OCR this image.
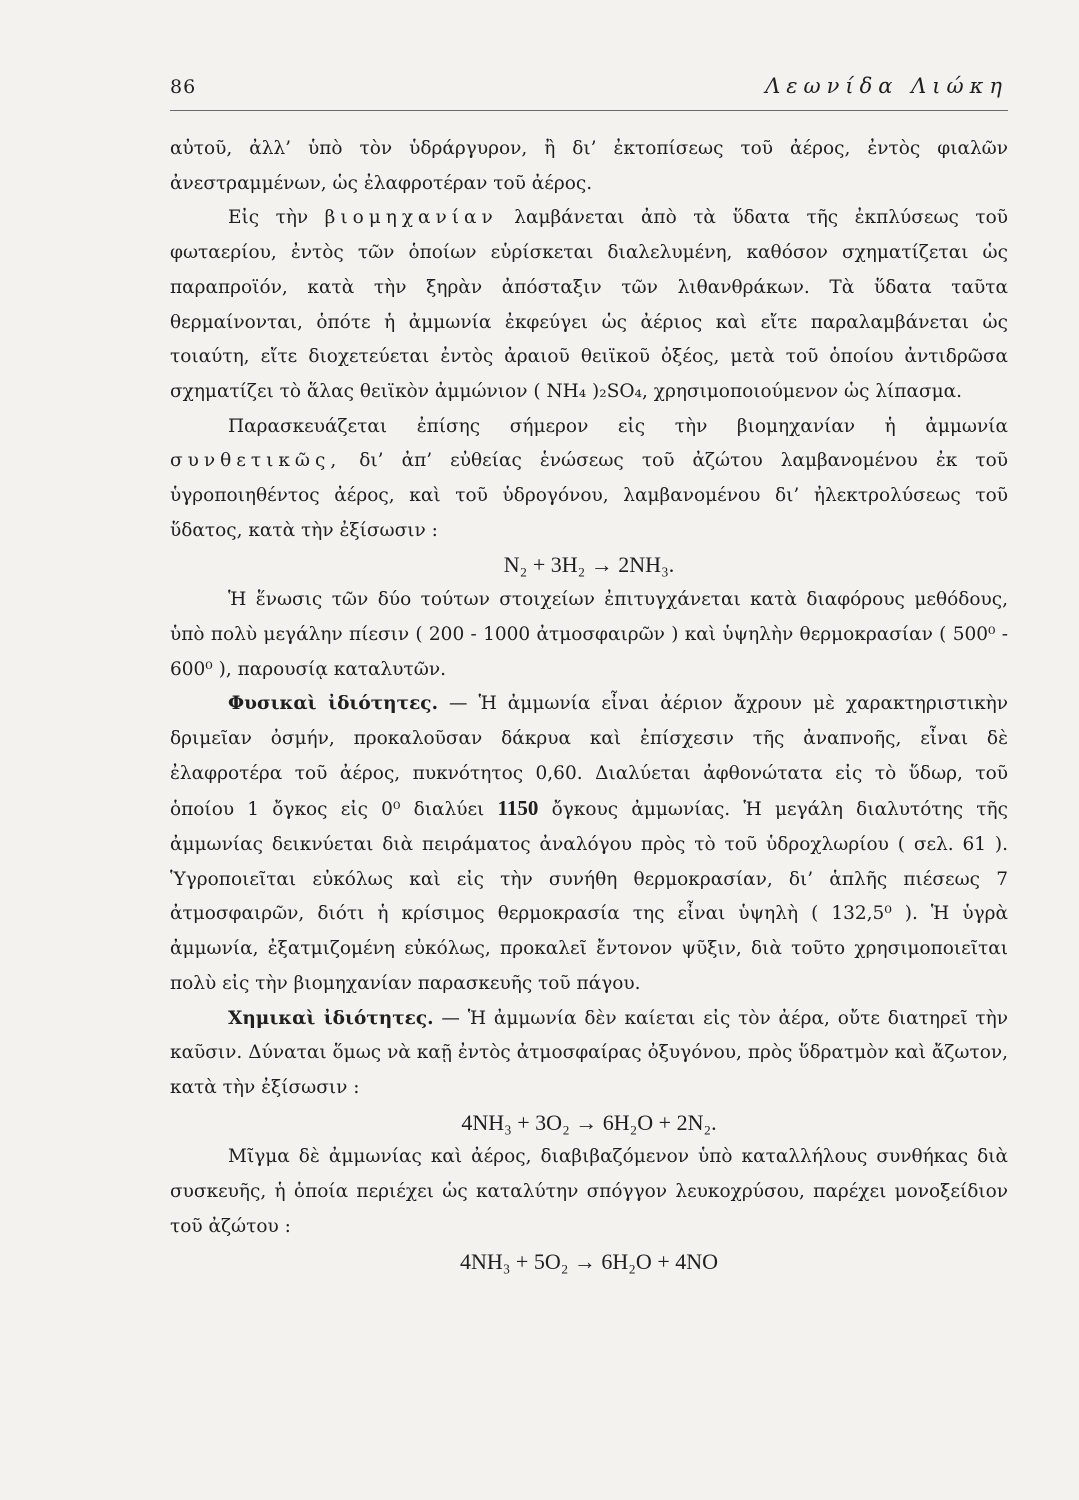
86	Λεωνίδα Λιώκη

αὐτοῦ, ἀλλ’ ὑπὸ τὸν ὑδράργυρον, ἢ δι’ ἐκτοπίσεως τοῦ ἀέρος, ἐντὸς φιαλῶν ἀνεστραμμένων, ὡς ἐλαφροτέραν τοῦ ἀέρος.

Εἰς τὴν βιομηχανίαν λαμβάνεται ἀπὸ τὰ ὕδατα τῆς ἐκπλύσεως τοῦ φωταερίου, ἐντὸς τῶν ὁποίων εὑρίσκεται διαλελυμένη, καθόσον σχηματίζεται ὡς παραπροϊόν, κατὰ τὴν ξηρὰν ἀπόσταξιν τῶν λιθανθράκων. Τὰ ὕδατα ταῦτα θερμαίνονται, ὁπότε ἡ ἀμμωνία ἐκφεύγει ὡς ἀέριος καὶ εἴτε παραλαμβάνεται ὡς τοιαύτη, εἴτε διοχετεύεται ἐντὸς ἀραιοῦ θειϊκοῦ ὀξέος, μετὰ τοῦ ὁποίου ἀντιδρῶσα σχηματίζει τὸ ἅλας θειϊκὸν ἀμμώνιον ( NH₄ )₂SO₄, χρησιμοποιούμενον ὡς λίπασμα.

Παρασκευάζεται ἐπίσης σήμερον εἰς τὴν βιομηχανίαν ἡ ἀμμωνία συνθετικῶς, δι’ ἀπ’ εὐθείας ἑνώσεως τοῦ ἀζώτου λαμβανομένου ἐκ τοῦ ὑγροποιηθέντος ἀέρος, καὶ τοῦ ὑδρογόνου, λαμβανομένου δι’ ἠλεκτρολύσεως τοῦ ὕδατος, κατὰ τὴν ἐξίσωσιν :

N₂ + 3H₂ → 2NH₃.

Ἡ ἕνωσις τῶν δύο τούτων στοιχείων ἐπιτυγχάνεται κατὰ διαφόρους μεθόδους, ὑπὸ πολὺ μεγάλην πίεσιν ( 200 - 1000 ἀτμοσφαιρῶν ) καὶ ὑψηλὴν θερμοκρασίαν ( 500⁰ - 600⁰ ), παρουσίᾳ καταλυτῶν.

Φυσικαὶ ἰδιότητες. — Ἡ ἀμμωνία εἶναι ἀέριον ἄχρουν μὲ χαρακτηριστικὴν δριμεῖαν ὀσμήν, προκαλοῦσαν δάκρυα καὶ ἐπίσχεσιν τῆς ἀναπνοῆς, εἶναι δὲ ἐλαφροτέρα τοῦ ἀέρος, πυκνότητος 0,60. Διαλύεται ἀφθονώτατα εἰς τὸ ὕδωρ, τοῦ ὁποίου 1 ὄγκος εἰς 0⁰ διαλύει 1150 ὄγκους ἀμμωνίας. Ἡ μεγάλη διαλυτότης τῆς ἀμμωνίας δεικνύεται διὰ πειράματος ἀναλόγου πρὸς τὸ τοῦ ὑδροχλωρίου ( σελ. 61 ). Ὑγροποιεῖται εὐκόλως καὶ εἰς τὴν συνήθη θερμοκρασίαν, δι’ ἁπλῆς πιέσεως 7 ἀτμοσφαιρῶν, διότι ἡ κρίσιμος θερμοκρασία της εἶναι ὑψηλὴ ( 132,5⁰ ). Ἡ ὑγρὰ ἀμμωνία, ἐξατμιζομένη εὐκόλως, προκαλεῖ ἔντονον ψῦξιν, διὰ τοῦτο χρησιμοποιεῖται πολὺ εἰς τὴν βιομηχανίαν παρασκευῆς τοῦ πάγου.

Χημικαὶ ἰδιότητες. — Ἡ ἀμμωνία δὲν καίεται εἰς τὸν ἀέρα, οὔτε διατηρεῖ τὴν καῦσιν. Δύναται ὅμως νὰ καῇ ἐντὸς ἀτμοσφαίρας ὀξυγόνου, πρὸς ὕδρατμὸν καὶ ἄζωτον, κατὰ τὴν ἐξίσωσιν :

4NH₃ + 3O₂ → 6H₂O + 2N₂.

Μῖγμα δὲ ἀμμωνίας καὶ ἀέρος, διαβιβαζόμενον ὑπὸ καταλλήλους συνθήκας διὰ συσκευῆς, ἡ ὁποία περιέχει ὡς καταλύτην σπόγγον λευκοχρύσου, παρέχει μονοξείδιον τοῦ ἀζώτου :

4NH₃ + 5O₂ → 6H₂O + 4NO
